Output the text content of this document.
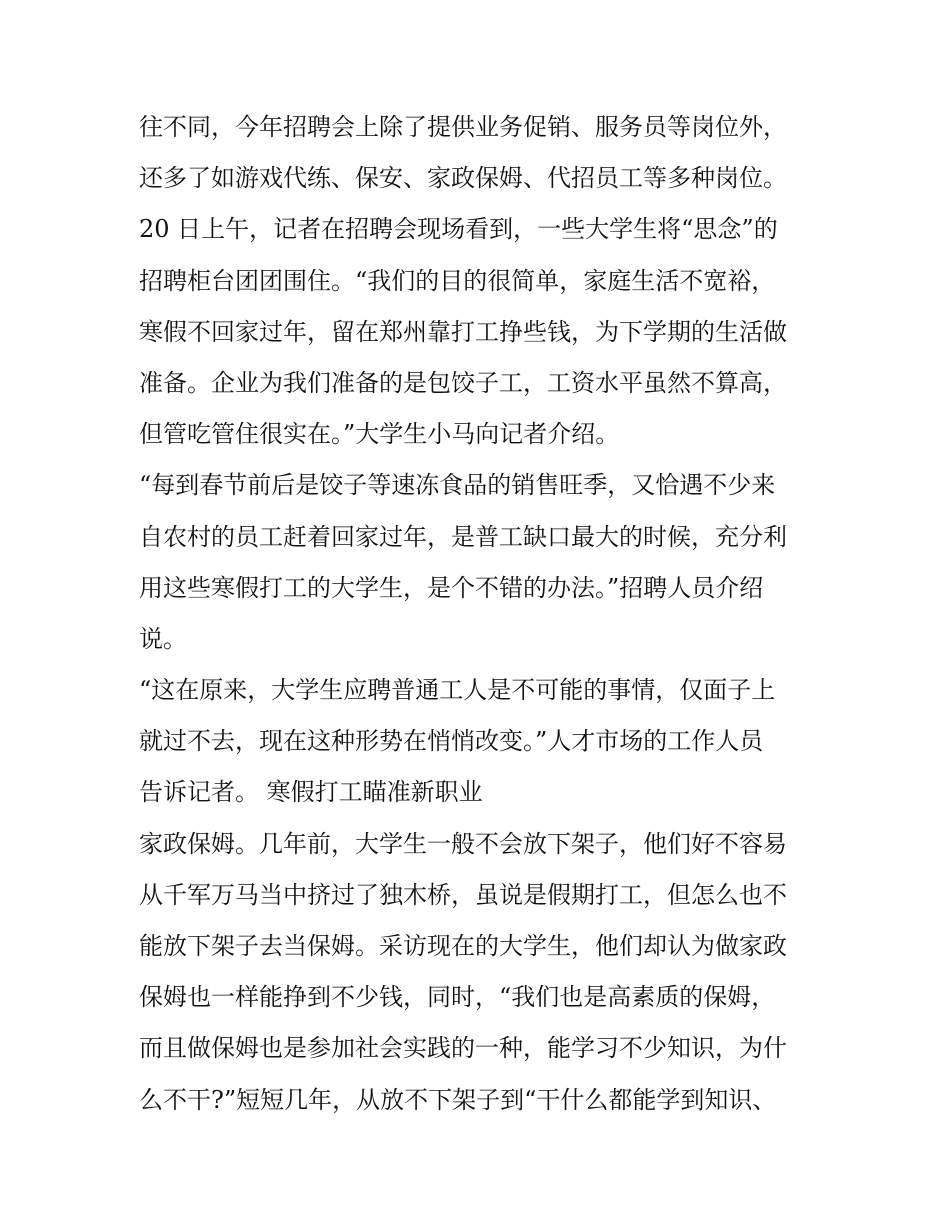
往不同，今年招聘会上除了提供业务促销、服务员等岗位外，
还多了如游戏代练、保安、家政保姆、代招员工等多种岗位。
20 日上午，记者在招聘会现场看到，一些大学生将“思念”的
招聘柜台团团围住。“我们的目的很简单，家庭生活不宽裕，
寒假不回家过年，留在郑州靠打工挣些钱，为下学期的生活做
准备。企业为我们准备的是包饺子工，工资水平虽然不算高，
但管吃管住很实在。”大学生小马向记者介绍。
“每到春节前后是饺子等速冻食品的销售旺季，又恰遇不少来
自农村的员工赶着回家过年，是普工缺口最大的时候，充分利
用这些寒假打工的大学生，是个不错的办法。”招聘人员介绍
说。
“这在原来，大学生应聘普通工人是不可能的事情，仅面子上
就过不去，现在这种形势在悄悄改变。”人才市场的工作人员
告诉记者。 寒假打工瞄准新职业
家政保姆。几年前，大学生一般不会放下架子，他们好不容易
从千军万马当中挤过了独木桥，虽说是假期打工，但怎么也不
能放下架子去当保姆。采访现在的大学生，他们却认为做家政
保姆也一样能挣到不少钱，同时，“我们也是高素质的保姆，
而且做保姆也是参加社会实践的一种，能学习不少知识，为什
么不干?”短短几年，从放不下架子到“干什么都能学到知识、
